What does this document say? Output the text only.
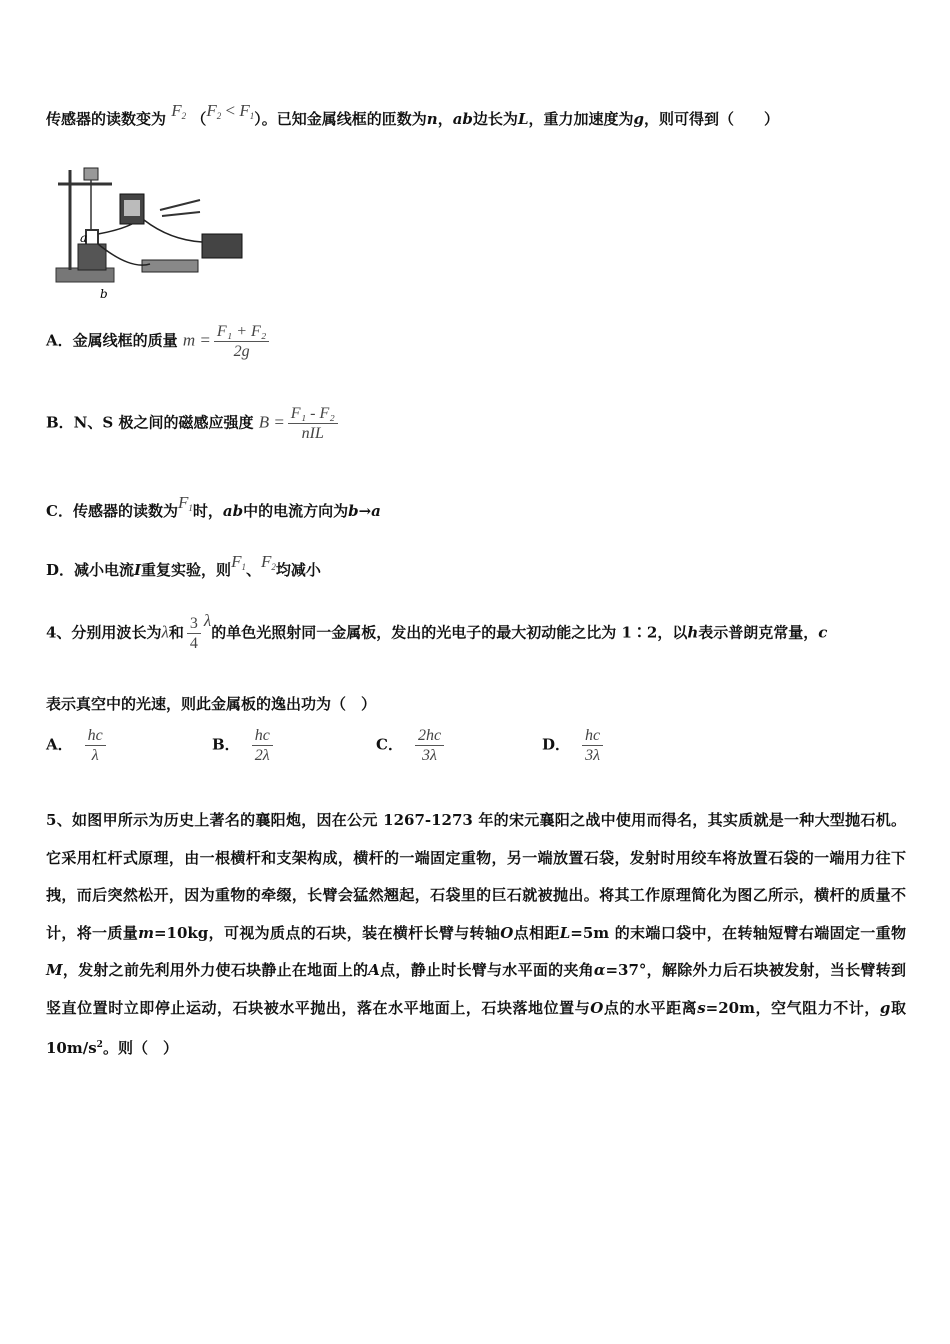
传感器的读数变为 $F_2$ $(F_2 < F_1)$。已知金属线框的匝数为n，ab边长为L，重力加速度为g，则可得到（　　）
a
b
A．金属线框的质量 $m = \frac{\text{F₁ + F₂}}{2g}$
B．N、S 极之间的磁感应强度 $B = \frac{\text{F₁ - F₂}}{\text{nIL}}$
C．传感器的读数为$F_1$时，ab中的电流方向为b→a
D．减小电流I重复实验，则$F_1$、$F_2$均减小
4、分别用波长为λ和 $\frac{3}{4}$ λ的单色光照射同一金属板，发出的光电子的最大初动能之比为 1∶2，以h表示普朗克常量，c
表示真空中的光速，则此金属板的逸出功为（　）
A． $\frac{hc}{\lambda}$	B． $\frac{hc}{2\lambda}$	C． $\frac{2hc}{3\lambda}$	D． $\frac{hc}{3\lambda}$
5、如图甲所示为历史上著名的襄阳炮，因在公元 1267-1273 年的宋元襄阳之战中使用而得名，其实质就是一种大型抛石机。它采用杠杆式原理，由一根横杆和支架构成，横杆的一端固定重物，另一端放置石袋，发射时用绞车将放置石袋的一端用力往下拽，而后突然松开，因为重物的牵缀，长臂会猛然翘起，石袋里的巨石就被抛出。将其工作原理简化为图乙所示，横杆的质量不计，将一质量m=10kg，可视为质点的石块，装在横杆长臂与转轴O点相距L=5m 的末端口袋中，在转轴短臂右端固定一重物M，发射之前先利用外力使石块静止在地面上的A点，静止时长臂与水平面的夹角α=37°，解除外力后石块被发射，当长臂转到竖直位置时立即停止运动，石块被水平抛出，落在水平地面上，石块落地位置与O点的水平距离s=20m，空气阻力不计，g取 $10m/s^2$。则（　）
